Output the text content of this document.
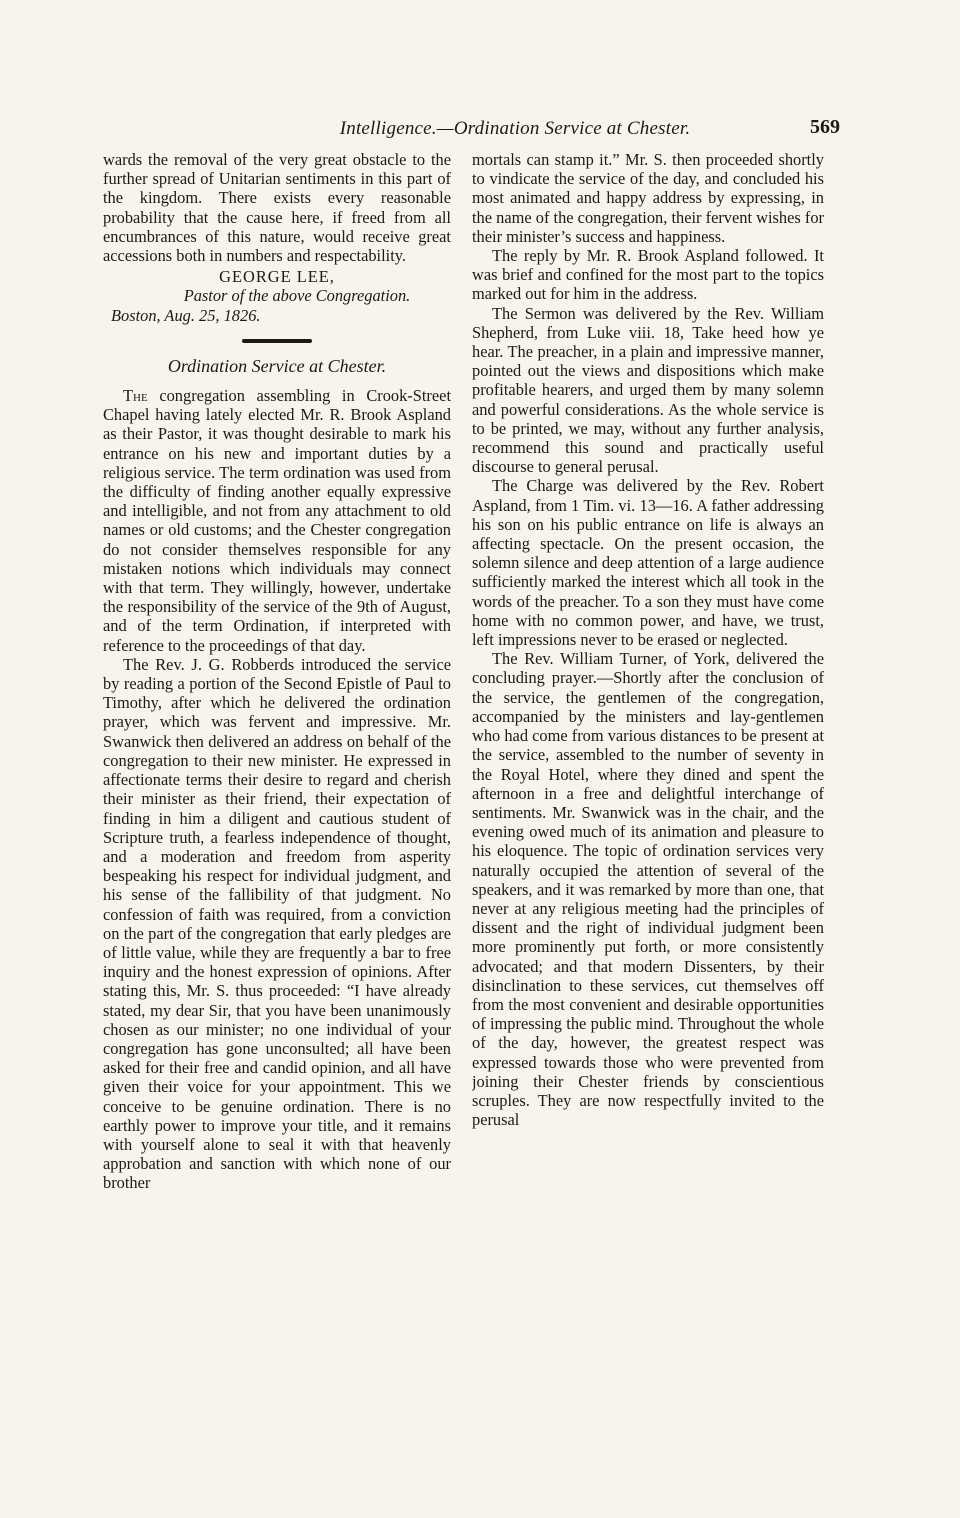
Intelligence.—Ordination Service at Chester.	569

wards the removal of the very great obstacle to the further spread of Unitarian sentiments in this part of the kingdom. There exists every reasonable probability that the cause here, if freed from all encumbrances of this nature, would receive great accessions both in numbers and respectability.

GEORGE LEE,
Pastor of the above Congregation.
Boston, Aug. 25, 1826.
Ordination Service at Chester.

The congregation assembling in Crook-Street Chapel having lately elected Mr. R. Brook Aspland as their Pastor, it was thought desirable to mark his entrance on his new and important duties by a religious service. The term ordination was used from the difficulty of finding another equally expressive and intelligible, and not from any attachment to old names or old customs; and the Chester congregation do not consider themselves responsible for any mistaken notions which individuals may connect with that term. They willingly, however, undertake the responsibility of the service of the 9th of August, and of the term Ordination, if interpreted with reference to the proceedings of that day.

The Rev. J. G. Robberds introduced the service by reading a portion of the Second Epistle of Paul to Timothy, after which he delivered the ordination prayer, which was fervent and impressive. Mr. Swanwick then delivered an address on behalf of the congregation to their new minister. He expressed in affectionate terms their desire to regard and cherish their minister as their friend, their expectation of finding in him a diligent and cautious student of Scripture truth, a fearless independence of thought, and a moderation and freedom from asperity bespeaking his respect for individual judgment, and his sense of the fallibility of that judgment. No confession of faith was required, from a conviction on the part of the congregation that early pledges are of little value, while they are frequently a bar to free inquiry and the honest expression of opinions. After stating this, Mr. S. thus proceeded: “I have already stated, my dear Sir, that you have been unanimously chosen as our minister; no one individual of your congregation has gone unconsulted; all have been asked for their free and candid opinion, and all have given their voice for your appointment. This we conceive to be genuine ordination. There is no earthly power to improve your title, and it remains with yourself alone to seal it with that heavenly approbation and sanction with which none of our brother

mortals can stamp it.” Mr. S. then proceeded shortly to vindicate the service of the day, and concluded his most animated and happy address by expressing, in the name of the congregation, their fervent wishes for their minister’s success and happiness.

The reply by Mr. R. Brook Aspland followed. It was brief and confined for the most part to the topics marked out for him in the address.

The Sermon was delivered by the Rev. William Shepherd, from Luke viii. 18, Take heed how ye hear. The preacher, in a plain and impressive manner, pointed out the views and dispositions which make profitable hearers, and urged them by many solemn and powerful considerations. As the whole service is to be printed, we may, without any further analysis, recommend this sound and practically useful discourse to general perusal.

The Charge was delivered by the Rev. Robert Aspland, from 1 Tim. vi. 13—16. A father addressing his son on his public entrance on life is always an affecting spectacle. On the present occasion, the solemn silence and deep attention of a large audience sufficiently marked the interest which all took in the words of the preacher. To a son they must have come home with no common power, and have, we trust, left impressions never to be erased or neglected.

The Rev. William Turner, of York, delivered the concluding prayer.—Shortly after the conclusion of the service, the gentlemen of the congregation, accompanied by the ministers and lay-gentlemen who had come from various distances to be present at the service, assembled to the number of seventy in the Royal Hotel, where they dined and spent the afternoon in a free and delightful interchange of sentiments. Mr. Swanwick was in the chair, and the evening owed much of its animation and pleasure to his eloquence. The topic of ordination services very naturally occupied the attention of several of the speakers, and it was remarked by more than one, that never at any religious meeting had the principles of dissent and the right of individual judgment been more prominently put forth, or more consistently advocated; and that modern Dissenters, by their disinclination to these services, cut themselves off from the most convenient and desirable opportunities of impressing the public mind. Throughout the whole of the day, however, the greatest respect was expressed towards those who were prevented from joining their Chester friends by conscientious scruples. They are now respectfully invited to the perusal
